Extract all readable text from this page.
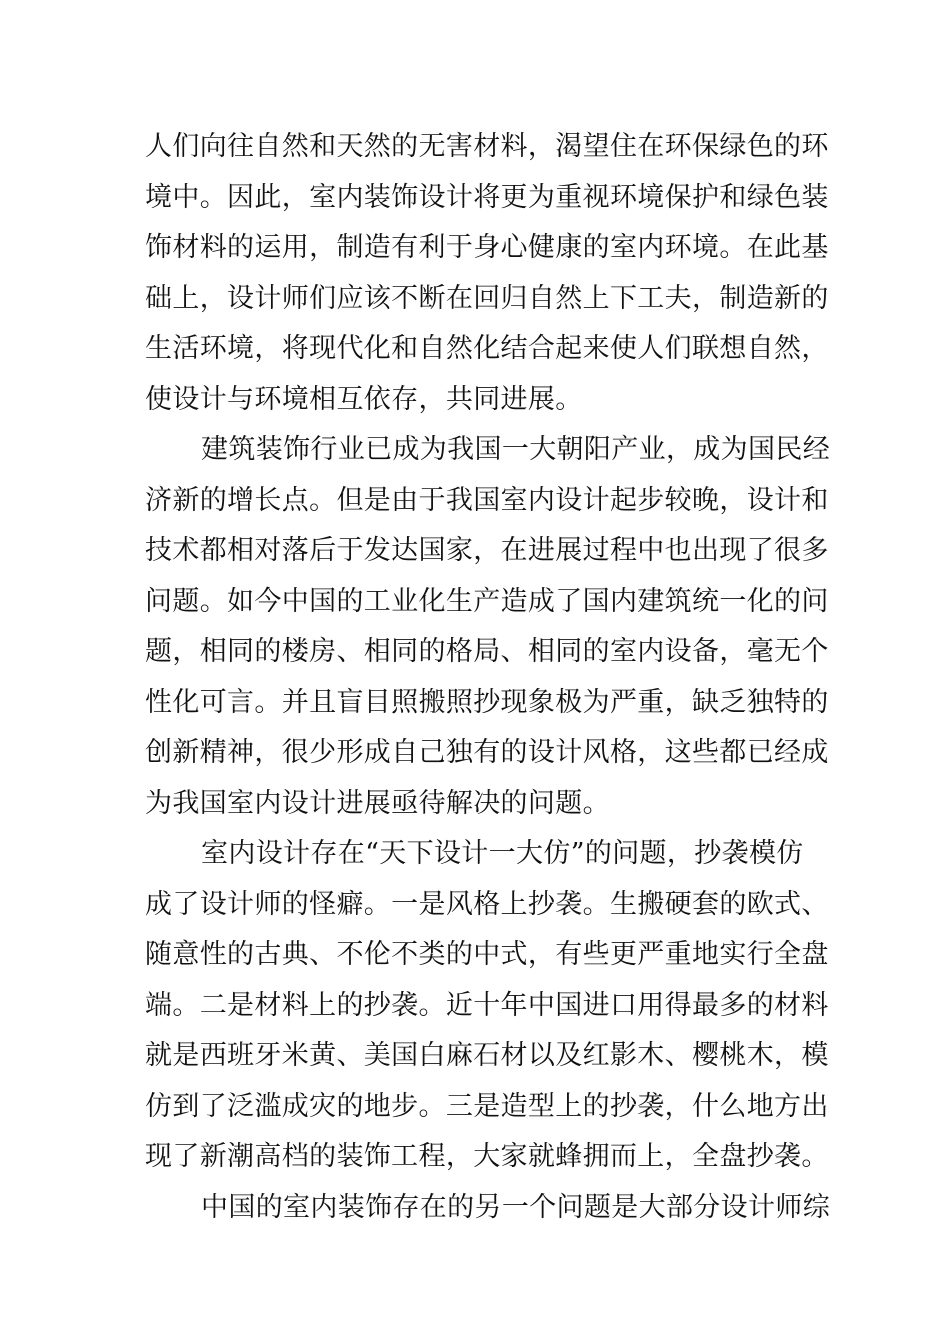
人们向往自然和天然的无害材料，渴望住在环保绿色的环
境中。因此，室内装饰设计将更为重视环境保护和绿色装
饰材料的运用，制造有利于身心健康的室内环境。在此基
础上，设计师们应该不断在回归自然上下工夫，制造新的
生活环境，将现代化和自然化结合起来使人们联想自然，
使设计与环境相互依存，共同进展。
建筑装饰行业已成为我国一大朝阳产业，成为国民经
济新的增长点。但是由于我国室内设计起步较晚，设计和
技术都相对落后于发达国家，在进展过程中也出现了很多
问题。如今中国的工业化生产造成了国内建筑统一化的问
题，相同的楼房、相同的格局、相同的室内设备，毫无个
性化可言。并且盲目照搬照抄现象极为严重，缺乏独特的
创新精神，很少形成自己独有的设计风格，这些都已经成
为我国室内设计进展亟待解决的问题。
室内设计存在“天下设计一大仿”的问题，抄袭模仿
成了设计师的怪癖。一是风格上抄袭。生搬硬套的欧式、
随意性的古典、不伦不类的中式，有些更严重地实行全盘
端。二是材料上的抄袭。近十年中国进口用得最多的材料
就是西班牙米黄、美国白麻石材以及红影木、樱桃木，模
仿到了泛滥成灾的地步。三是造型上的抄袭，什么地方出
现了新潮高档的装饰工程，大家就蜂拥而上，全盘抄袭。
中国的室内装饰存在的另一个问题是大部分设计师综
